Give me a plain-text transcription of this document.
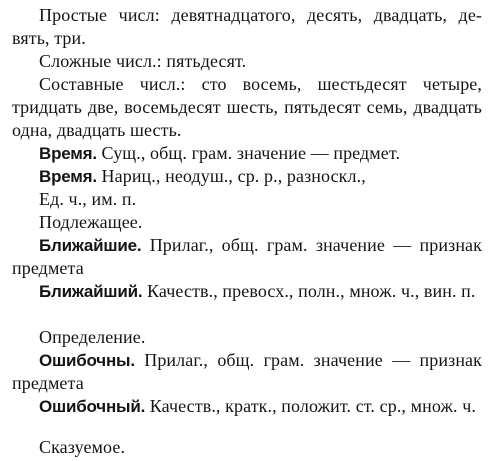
Простые числ: девятнадцатого, десять, двадцать, де- вять, три.

Сложные числ.: пятьдесят.

Составные числ.: сто восемь, шестьдесят четыре, тридцать две, восемьдесят шесть, пятьдесят семь, двадцать одна, двадцать шесть.

Время. Сущ., общ. грам. значение — предмет.

Время. Нариц., неодуш., ср. р., разноскл.,

Ед. ч., им. п.

Подлежащее.

Ближайшие. Прилаг., общ. грам. значение — признак предмета

Ближайший. Качеств., превосх., полн., множ. ч., вин. п.

Определение.

Ошибочны. Прилаг., общ. грам. значение — признак предмета

Ошибочный. Качеств., кратк., положит. ст. ср., множ. ч.

Сказуемое.
